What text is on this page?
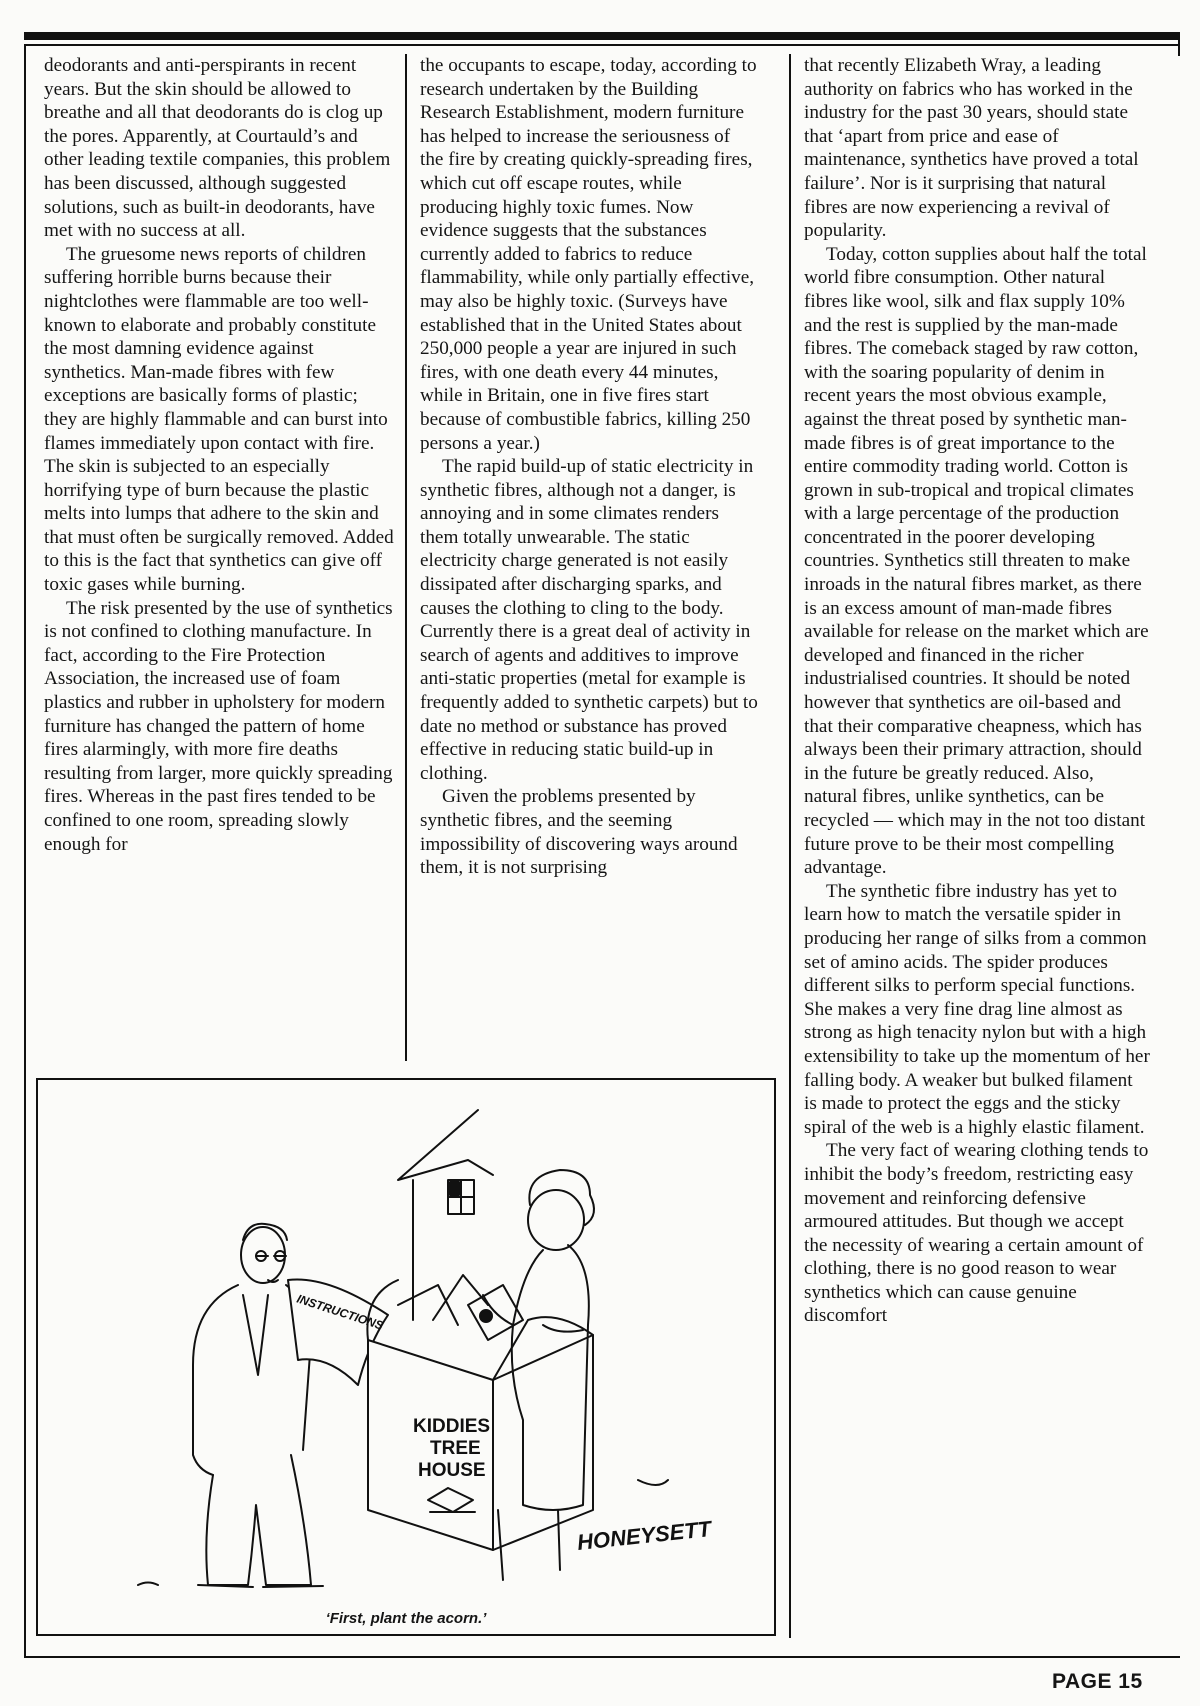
deodorants and anti-perspirants in recent years. But the skin should be allowed to breathe and all that deodorants do is clog up the pores. Apparently, at Courtauld’s and other leading textile companies, this problem has been discussed, although suggested solutions, such as built-in deodorants, have met with no success at all.

The gruesome news reports of children suffering horrible burns because their nightclothes were flammable are too well-known to elaborate and probably constitute the most damning evidence against synthetics. Man-made fibres with few exceptions are basically forms of plastic; they are highly flammable and can burst into flames immediately upon contact with fire. The skin is subjected to an especially horrifying type of burn because the plastic melts into lumps that adhere to the skin and that must often be surgically removed. Added to this is the fact that synthetics can give off toxic gases while burning.

The risk presented by the use of synthetics is not confined to clothing manufacture. In fact, according to the Fire Protection Association, the increased use of foam plastics and rubber in upholstery for modern furniture has changed the pattern of home fires alarmingly, with more fire deaths resulting from larger, more quickly spreading fires. Whereas in the past fires tended to be confined to one room, spreading slowly enough for

the occupants to escape, today, according to research undertaken by the Building Research Establishment, modern furniture has helped to increase the seriousness of the fire by creating quickly-spreading fires, which cut off escape routes, while producing highly toxic fumes. Now evidence suggests that the substances currently added to fabrics to reduce flammability, while only partially effective, may also be highly toxic. (Surveys have established that in the United States about 250,000 people a year are injured in such fires, with one death every 44 minutes, while in Britain, one in five fires start because of combustible fabrics, killing 250 persons a year.)

The rapid build-up of static electricity in synthetic fibres, although not a danger, is annoying and in some climates renders them totally unwearable. The static electricity charge generated is not easily dissipated after discharging sparks, and causes the clothing to cling to the body. Currently there is a great deal of activity in search of agents and additives to improve anti-static properties (metal for example is frequently added to synthetic carpets) but to date no method or substance has proved effective in reducing static build-up in clothing.

Given the problems presented by synthetic fibres, and the seeming impossibility of discovering ways around them, it is not surprising

that recently Elizabeth Wray, a leading authority on fabrics who has worked in the industry for the past 30 years, should state that ‘apart from price and ease of maintenance, synthetics have proved a total failure’. Nor is it surprising that natural fibres are now experiencing a revival of popularity.

Today, cotton supplies about half the total world fibre consumption. Other natural fibres like wool, silk and flax supply 10% and the rest is supplied by the man-made fibres. The comeback staged by raw cotton, with the soaring popularity of denim in recent years the most obvious example, against the threat posed by synthetic man-made fibres is of great importance to the entire commodity trading world. Cotton is grown in sub-tropical and tropical climates with a large percentage of the production concentrated in the poorer developing countries. Synthetics still threaten to make inroads in the natural fibres market, as there is an excess amount of man-made fibres available for release on the market which are developed and financed in the richer industrialised countries. It should be noted however that synthetics are oil-based and that their comparative cheapness, which has always been their primary attraction, should in the future be greatly reduced. Also, natural fibres, unlike synthetics, can be recycled — which may in the not too distant future prove to be their most compelling advantage.

The synthetic fibre industry has yet to learn how to match the versatile spider in producing her range of silks from a common set of amino acids. The spider produces different silks to perform special functions. She makes a very fine drag line almost as strong as high tenacity nylon but with a high extensibility to take up the momentum of her falling body. A weaker but bulked filament is made to protect the eggs and the sticky spiral of the web is a highly elastic filament.

The very fact of wearing clothing tends to inhibit the body’s freedom, restricting easy movement and reinforcing defensive armoured attitudes. But though we accept the necessity of wearing a certain amount of clothing, there is no good reason to wear synthetics which can cause genuine discomfort

INSTRUCTIONS
KIDDIES
TREE
HOUSE
HONEYSETT
‘First, plant the acorn.’
PAGE 15
